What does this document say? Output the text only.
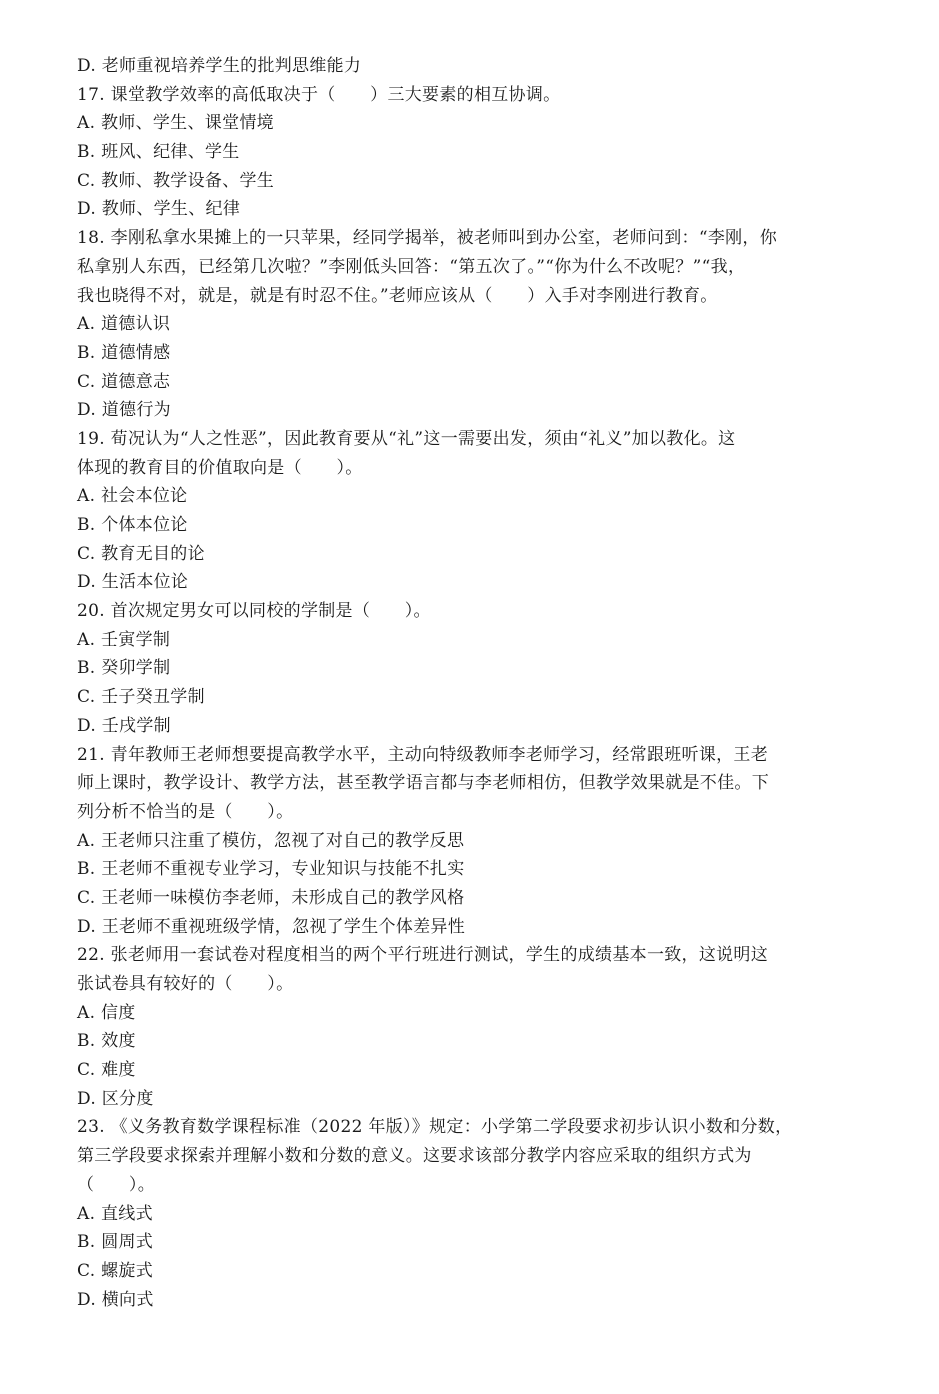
D. 老师重视培养学生的批判思维能力
17. 课堂教学效率的高低取决于（　　）三大要素的相互协调。
A. 教师、学生、课堂情境
B. 班风、纪律、学生
C. 教师、教学设备、学生
D. 教师、学生、纪律
18. 李刚私拿水果摊上的一只苹果，经同学揭举，被老师叫到办公室，老师问到：“李刚，你
私拿别人东西，已经第几次啦？”李刚低头回答：“第五次了。”“你为什么不改呢？”“我，
我也晓得不对，就是，就是有时忍不住。”老师应该从（　　）入手对李刚进行教育。
A. 道德认识
B. 道德情感
C. 道德意志
D. 道德行为
19. 荀况认为“人之性恶”，因此教育要从“礼”这一需要出发，须由“礼义”加以教化。这
体现的教育目的价值取向是（　　）。
A. 社会本位论
B. 个体本位论
C. 教育无目的论
D. 生活本位论
20. 首次规定男女可以同校的学制是（　　）。
A. 壬寅学制
B. 癸卯学制
C. 壬子癸丑学制
D. 壬戌学制
21. 青年教师王老师想要提高教学水平，主动向特级教师李老师学习，经常跟班听课，王老
师上课时，教学设计、教学方法，甚至教学语言都与李老师相仿，但教学效果就是不佳。下
列分析不恰当的是（　　）。
A. 王老师只注重了模仿，忽视了对自己的教学反思
B. 王老师不重视专业学习，专业知识与技能不扎实
C. 王老师一味模仿李老师，未形成自己的教学风格
D. 王老师不重视班级学情，忽视了学生个体差异性
22. 张老师用一套试卷对程度相当的两个平行班进行测试，学生的成绩基本一致，这说明这
张试卷具有较好的（　　）。
A. 信度
B. 效度
C. 难度
D. 区分度
23. 《义务教育数学课程标准（2022 年版）》规定：小学第二学段要求初步认识小数和分数，
第三学段要求探索并理解小数和分数的意义。这要求该部分教学内容应采取的组织方式为
（　　）。
A. 直线式
B. 圆周式
C. 螺旋式
D. 横向式
